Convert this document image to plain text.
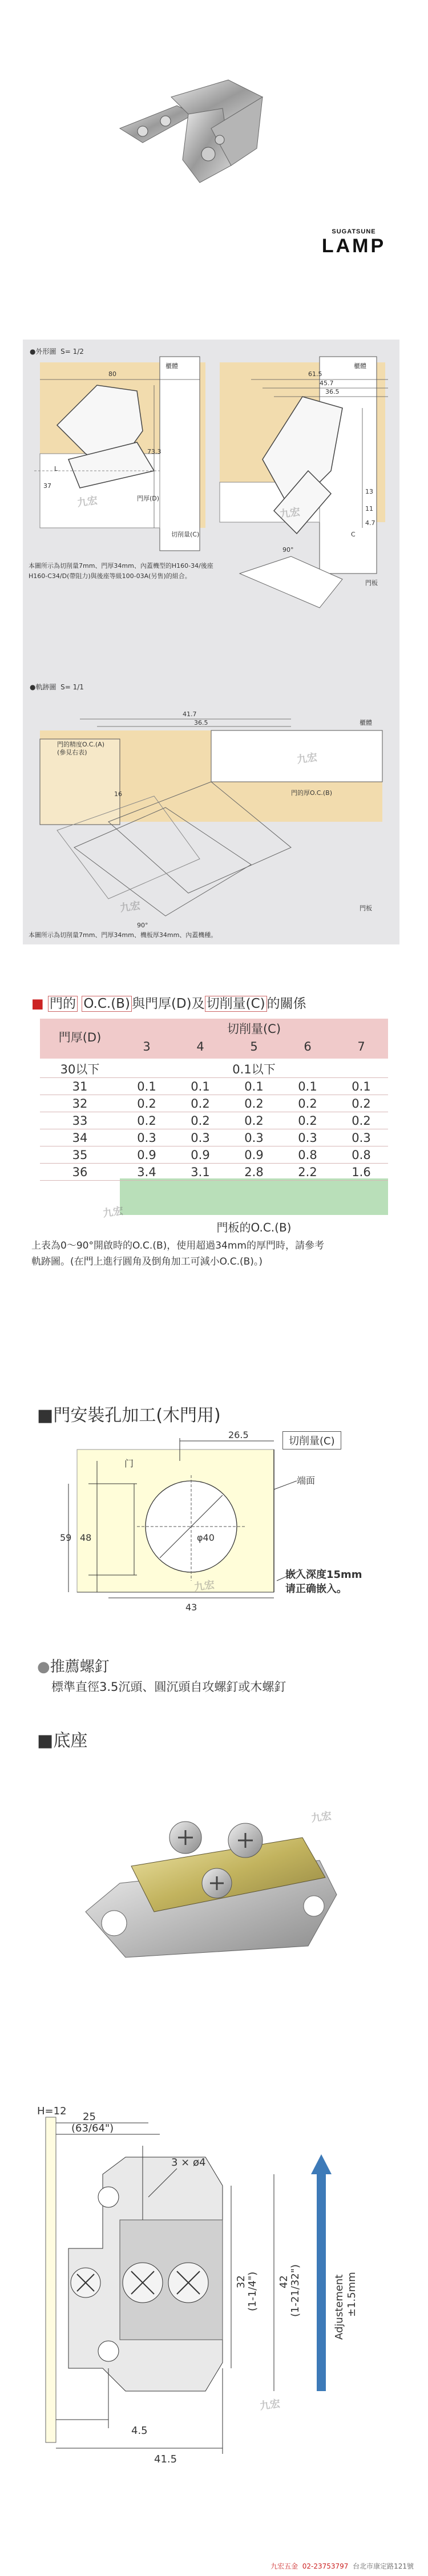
SUGATSUNE
LAMP
●外形圖 S= 1/2
80	61.5
45.7
36.5
73.3
37
13
11
4.7
90°
櫃體	櫃體
門厚(D)
切削量(C)
L
C
門板
本圖所示為切削量7mm、門厚34mm、內蓋機型的H160-34/後座
H160-C34/D(帶阻力)與後座等級100-03A(另售)的組合。
九宏
九宏
●軌跡圖 S= 1/1
41.7
36.5
16
90°
門的精度O.C.(A)
(參見右表)
門的厚O.C.(B)
櫃體
門板
本圖所示為切削量7mm、門厚34mm、機板厚34mm、內蓋機種。
九宏
九宏
■ 門的 O.C.(B) 與門厚(D)及 切削量(C) 的關係
門厚(D)
切削量(C)
3	4	5	6	7
30以下	0.1以下				
31	0.1	0.1	0.1	0.1	0.1
32	0.2	0.2	0.2	0.2	0.2
33	0.2	0.2	0.2	0.2	0.2
34	0.3	0.3	0.3	0.3	0.3
35	0.9	0.9	0.9	0.8	0.8
36	3.4	3.1	2.8	2.2	1.6
門板的O.C.(B)
上表為0～90°開啟時的O.C.(B)，使用超過34mm的厚門時，請參考
軌跡圖。(在門上進行圓角及倒角加工可減小O.C.(B)。)
九宏
■門安裝孔加工(木門用)
26.5
门
59 48
43
φ40
端面
切削量(C)
嵌入深度15mm
请正确嵌入。
九宏
●推薦螺釘
標準直徑3.5沉頭、圓沉頭自攻螺釘或木螺釘
■底座
九宏
H=12 25
(63/64")
3 × ø4
4.5
41.5
32 (1-1/4") 42 (1-21/32")	Adjustement ±1.5mm
九宏
九宏五金 02-23753797 台北市康定路121號
